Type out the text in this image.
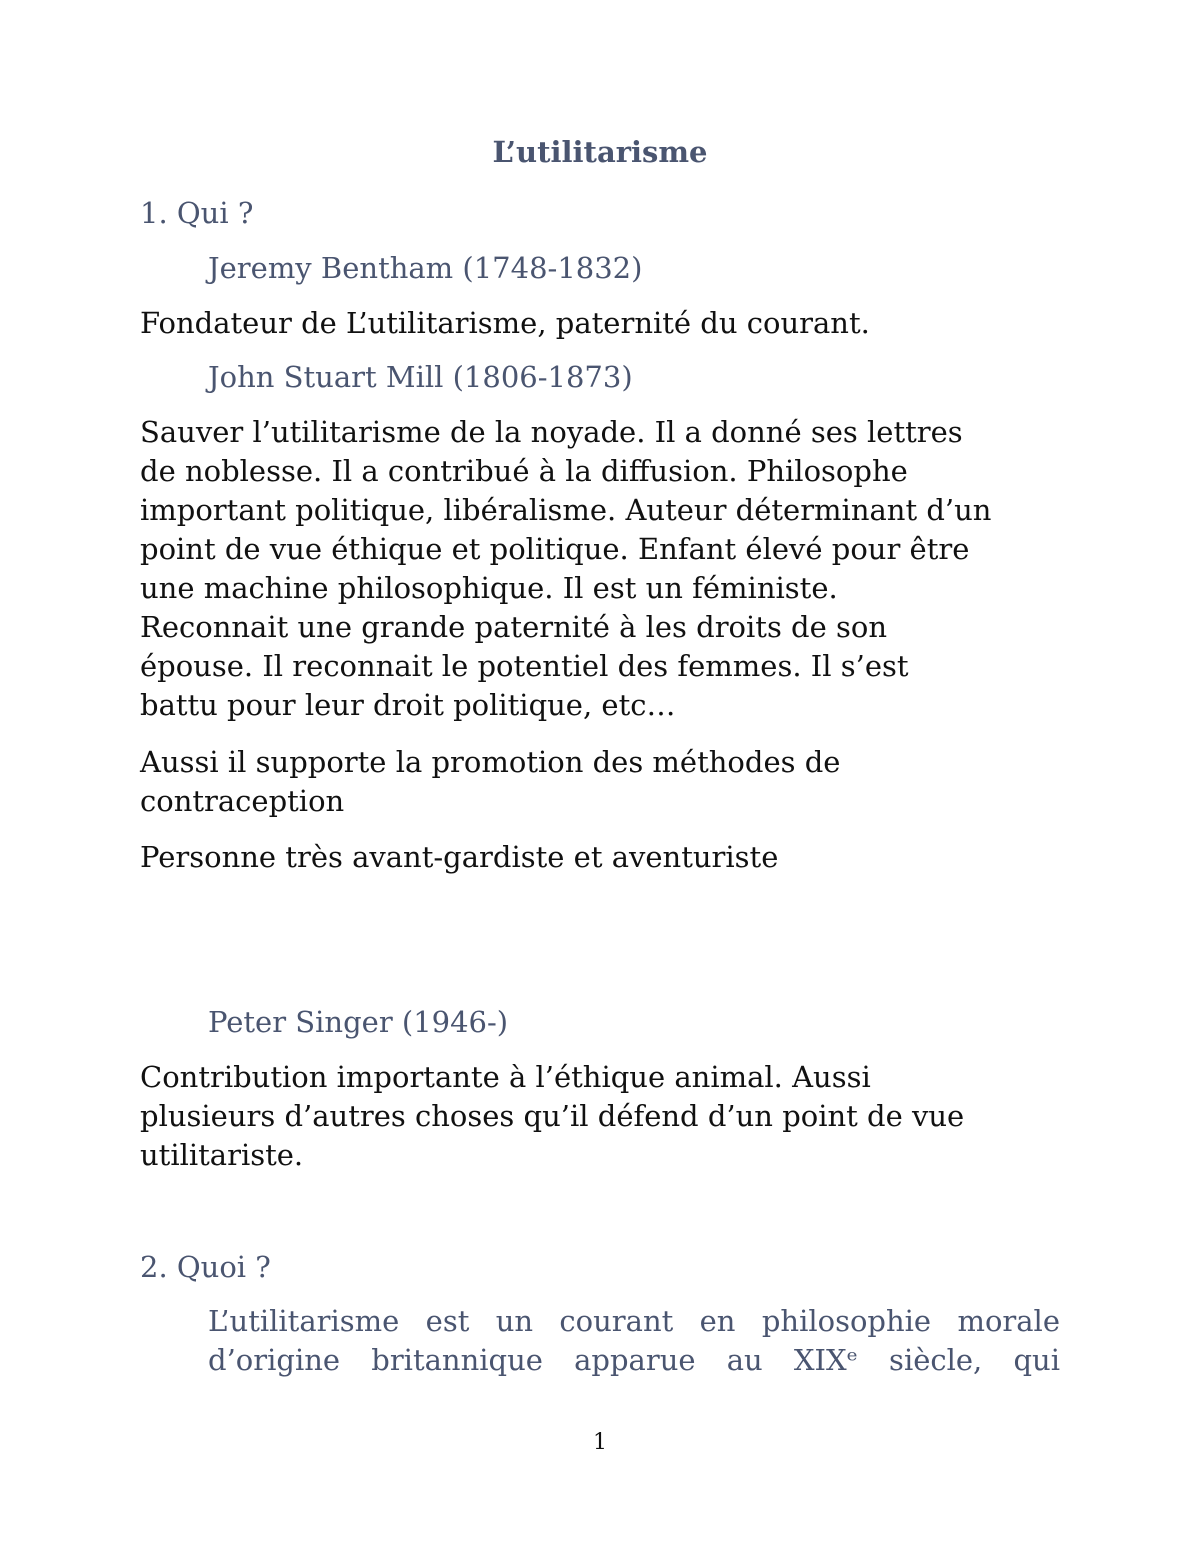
L’utilitarisme
1. Qui ?
Jeremy Bentham (1748-1832)

Fondateur de L’utilitarisme, paternité du courant.

John Stuart Mill (1806-1873)

Sauver l’utilitarisme de la noyade. Il a donné ses lettres
de noblesse. Il a contribué à la diffusion. Philosophe
important politique, libéralisme. Auteur déterminant d’un
point de vue éthique et politique. Enfant élevé pour être
une machine philosophique. Il est un féministe.
Reconnait une grande paternité à les droits de son
épouse. Il reconnait le potentiel des femmes. Il s’est
battu pour leur droit politique, etc…

Aussi il supporte la promotion des méthodes de
contraception

Personne très avant-gardiste et aventuriste

Peter Singer (1946-)

Contribution importante à l’éthique animal. Aussi
plusieurs d’autres choses qu’il défend d’un point de vue
utilitariste.

2. Quoi ?

L’utilitarisme est un courant en philosophie morale

d’origine britannique apparue au XIXᵉ siècle, qui

1
